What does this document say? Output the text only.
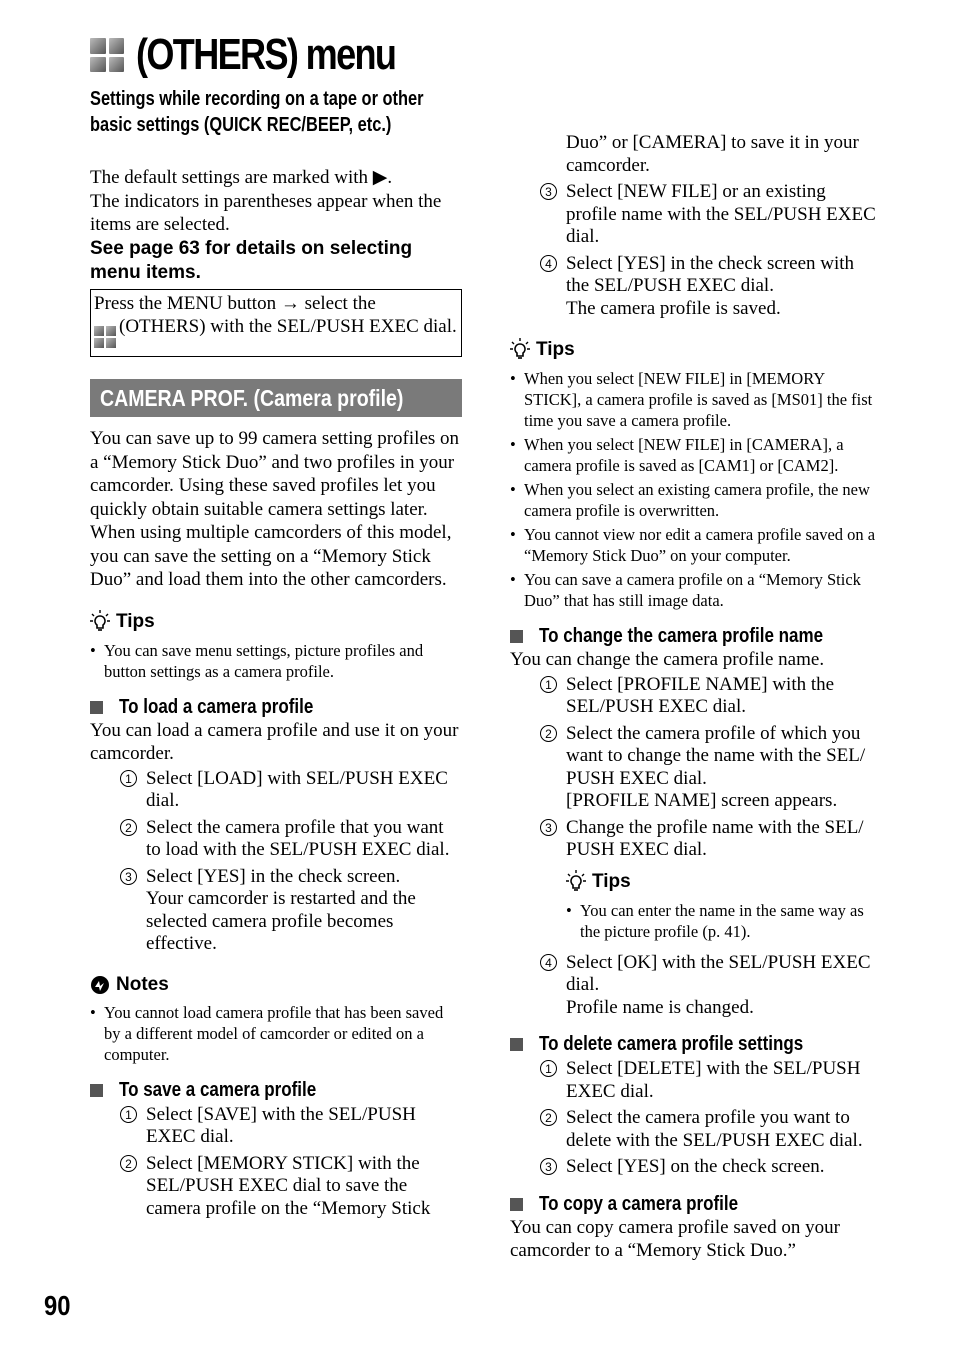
(OTHERS) menu
Settings while recording on a tape or other basic settings (QUICK REC/BEEP, etc.)

The default settings are marked with ▶.

The indicators in parentheses appear when the items are selected.

See page 63 for details on selecting menu items.

Press the MENU button → select the

(OTHERS) with the SEL/PUSH EXEC dial.
CAMERA PROF. (Camera profile)

You can save up to 99 camera setting profiles on a “Memory Stick Duo” and two profiles in your camcorder. Using these saved profiles let you quickly obtain suitable camera settings later. When using multiple camcorders of this model, you can save the setting on a “Memory Stick Duo” and load them into the other camcorders.

Tips
• You can save menu settings, picture profiles and button settings as a camera profile.
To load a camera profile

You can load a camera profile and use it on your camcorder.

1 Select [LOAD] with SEL/PUSH EXEC dial.
2 Select the camera profile that you want to load with the SEL/PUSH EXEC dial.
3 Select [YES] in the check screen.
Your camcorder is restarted and the selected camera profile becomes effective.
Notes
• You cannot load camera profile that has been saved by a different model of camcorder or edited on a computer.
To save a camera profile
1 Select [SAVE] with the SEL/PUSH EXEC dial.
2 Select [MEMORY STICK] with the SEL/PUSH EXEC dial to save the camera profile on the “Memory Stick
Duo” or [CAMERA] to save it in your camcorder.
3 Select [NEW FILE] or an existing profile name with the SEL/PUSH EXEC dial.
4 Select [YES] in the check screen with the SEL/PUSH EXEC dial.
The camera profile is saved.
Tips
• When you select [NEW FILE] in [MEMORY STICK], a camera profile is saved as [MS01] the fist time you save a camera profile.
• When you select [NEW FILE] in [CAMERA], a camera profile is saved as [CAM1] or [CAM2].
• When you select an existing camera profile, the new camera profile is overwritten.
• You cannot view nor edit a camera profile saved on a “Memory Stick Duo” on your computer.
• You can save a camera profile on a “Memory Stick Duo” that has still image data.
To change the camera profile name

You can change the camera profile name.

1 Select [PROFILE NAME] with the SEL/PUSH EXEC dial.
2 Select the camera profile of which you want to change the name with the SEL/ PUSH EXEC dial.
[PROFILE NAME] screen appears.
3 Change the profile name with the SEL/ PUSH EXEC dial.
Tips
• You can enter the name in the same way as the picture profile (p. 41).
4 Select [OK] with the SEL/PUSH EXEC dial.
Profile name is changed.
To delete camera profile settings
1 Select [DELETE] with the SEL/PUSH EXEC dial.
2 Select the camera profile you want to delete with the SEL/PUSH EXEC dial.
3 Select [YES] on the check screen.
To copy a camera profile

You can copy camera profile saved on your camcorder to a “Memory Stick Duo.”

90
